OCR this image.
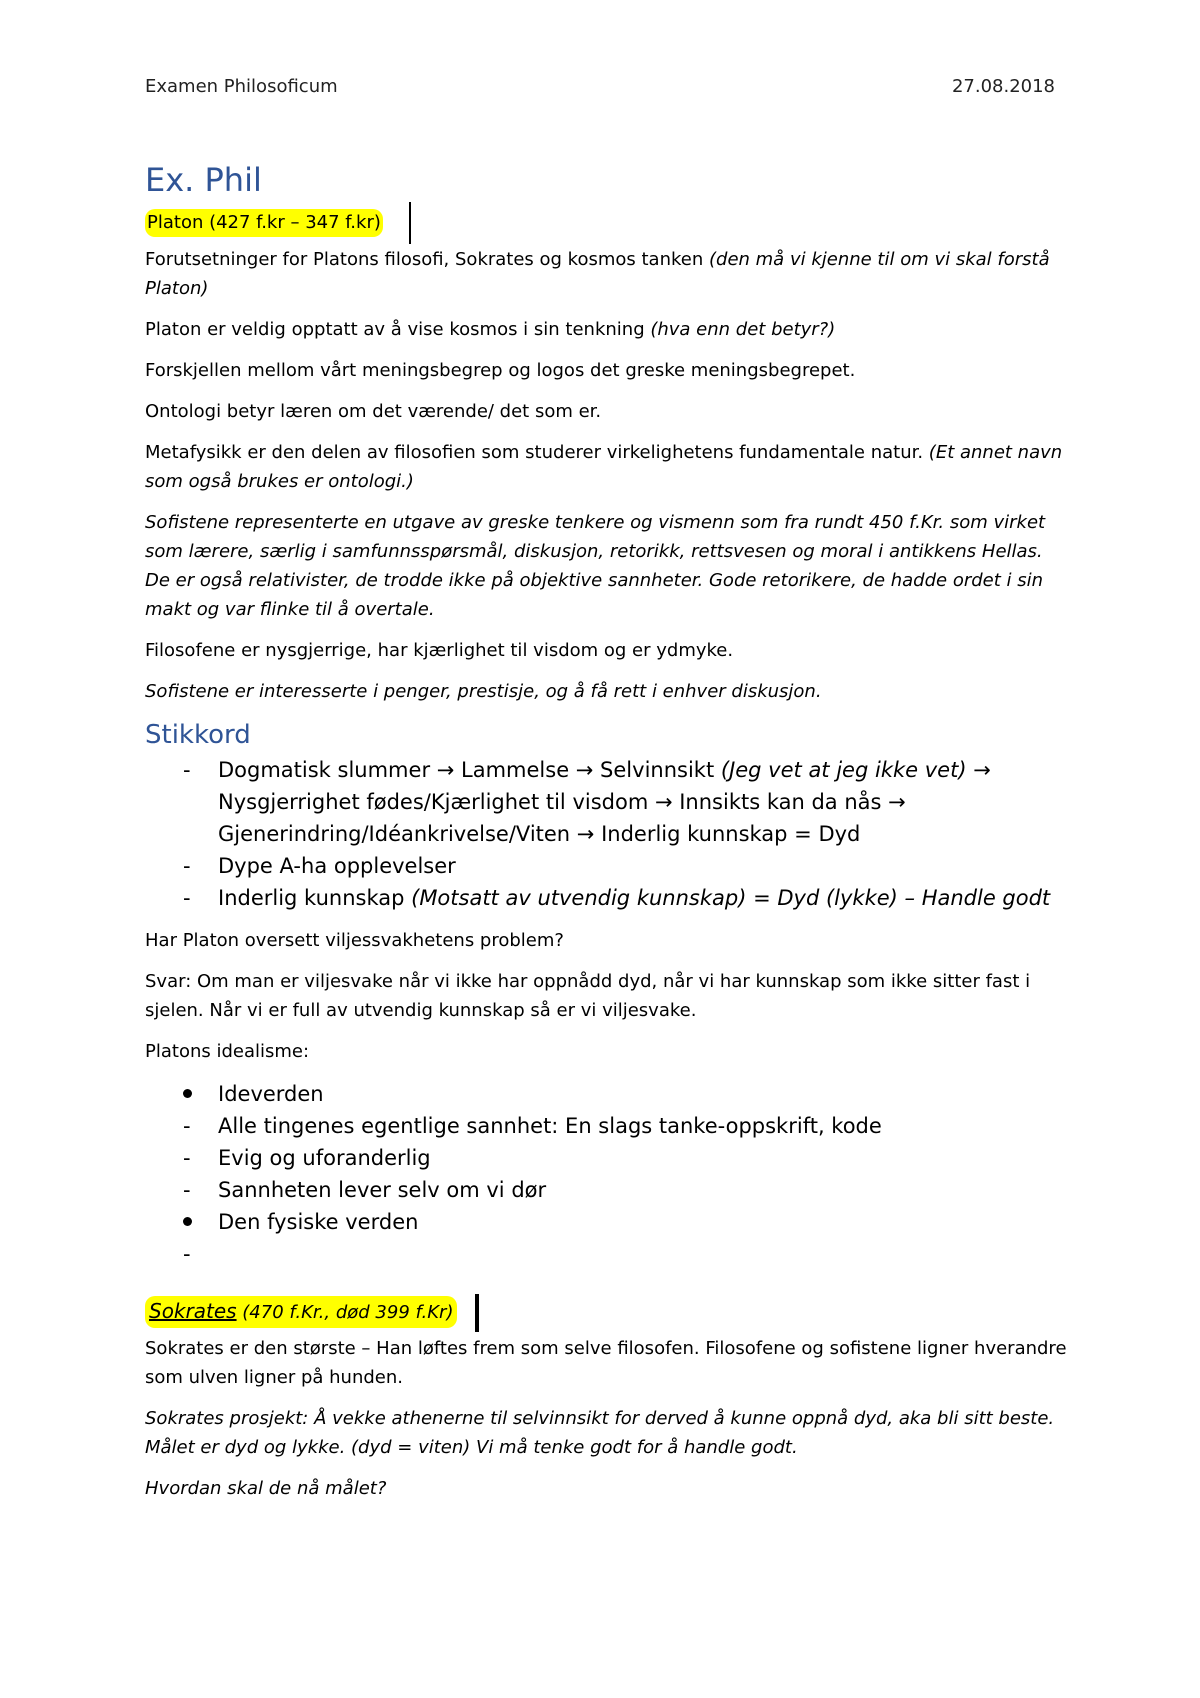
Examen Philosoficum	27.08.2018
Ex. Phil
Platon (427 f.kr – 347 f.kr)

Forutsetninger for Platons filosofi, Sokrates og kosmos tanken (den må vi kjenne til om vi skal forstå Platon)

Platon er veldig opptatt av å vise kosmos i sin tenkning (hva enn det betyr?)

Forskjellen mellom vårt meningsbegrep og logos det greske meningsbegrepet.

Ontologi betyr læren om det værende/ det som er.

Metafysikk er den delen av filosofien som studerer virkelighetens fundamentale natur. (Et annet navn som også brukes er ontologi.)

Sofistene representerte en utgave av greske tenkere og vismenn som fra rundt 450 f.Kr. som virket som lærere, særlig i samfunnsspørsmål, diskusjon, retorikk, rettsvesen og moral i antikkens Hellas. De er også relativister, de trodde ikke på objektive sannheter. Gode retorikere, de hadde ordet i sin makt og var flinke til å overtale.

Filosofene er nysgjerrige, har kjærlighet til visdom og er ydmyke.

Sofistene er interesserte i penger, prestisje, og å få rett i enhver diskusjon.

Stikkord
-	Dogmatisk slummer → Lammelse → Selvinnsikt (Jeg vet at jeg ikke vet) → Nysgjerrighet fødes/Kjærlighet til visdom → Innsikts kan da nås → Gjenerindring/Idéankrivelse/Viten → Inderlig kunnskap = Dyd
-	Dype A-ha opplevelser
-	Inderlig kunnskap (Motsatt av utvendig kunnskap) = Dyd (lykke) – Handle godt

Har Platon oversett viljessvakhetens problem?

Svar: Om man er viljesvake når vi ikke har oppnådd dyd, når vi har kunnskap som ikke sitter fast i sjelen. Når vi er full av utvendig kunnskap så er vi viljesvake.

Platons idealisme:

Ideverden
-	Alle tingenes egentlige sannhet: En slags tanke-oppskrift, kode
-	Evig og uforanderlig
-	Sannheten lever selv om vi dør
Den fysiske verden
-

Sokrates (470 f.Kr., død 399 f.Kr)

Sokrates er den største – Han løftes frem som selve filosofen. Filosofene og sofistene ligner hverandre som ulven ligner på hunden.

Sokrates prosjekt: Å vekke athenerne til selvinnsikt for derved å kunne oppnå dyd, aka bli sitt beste. Målet er dyd og lykke. (dyd = viten) Vi må tenke godt for å handle godt.

Hvordan skal de nå målet?
